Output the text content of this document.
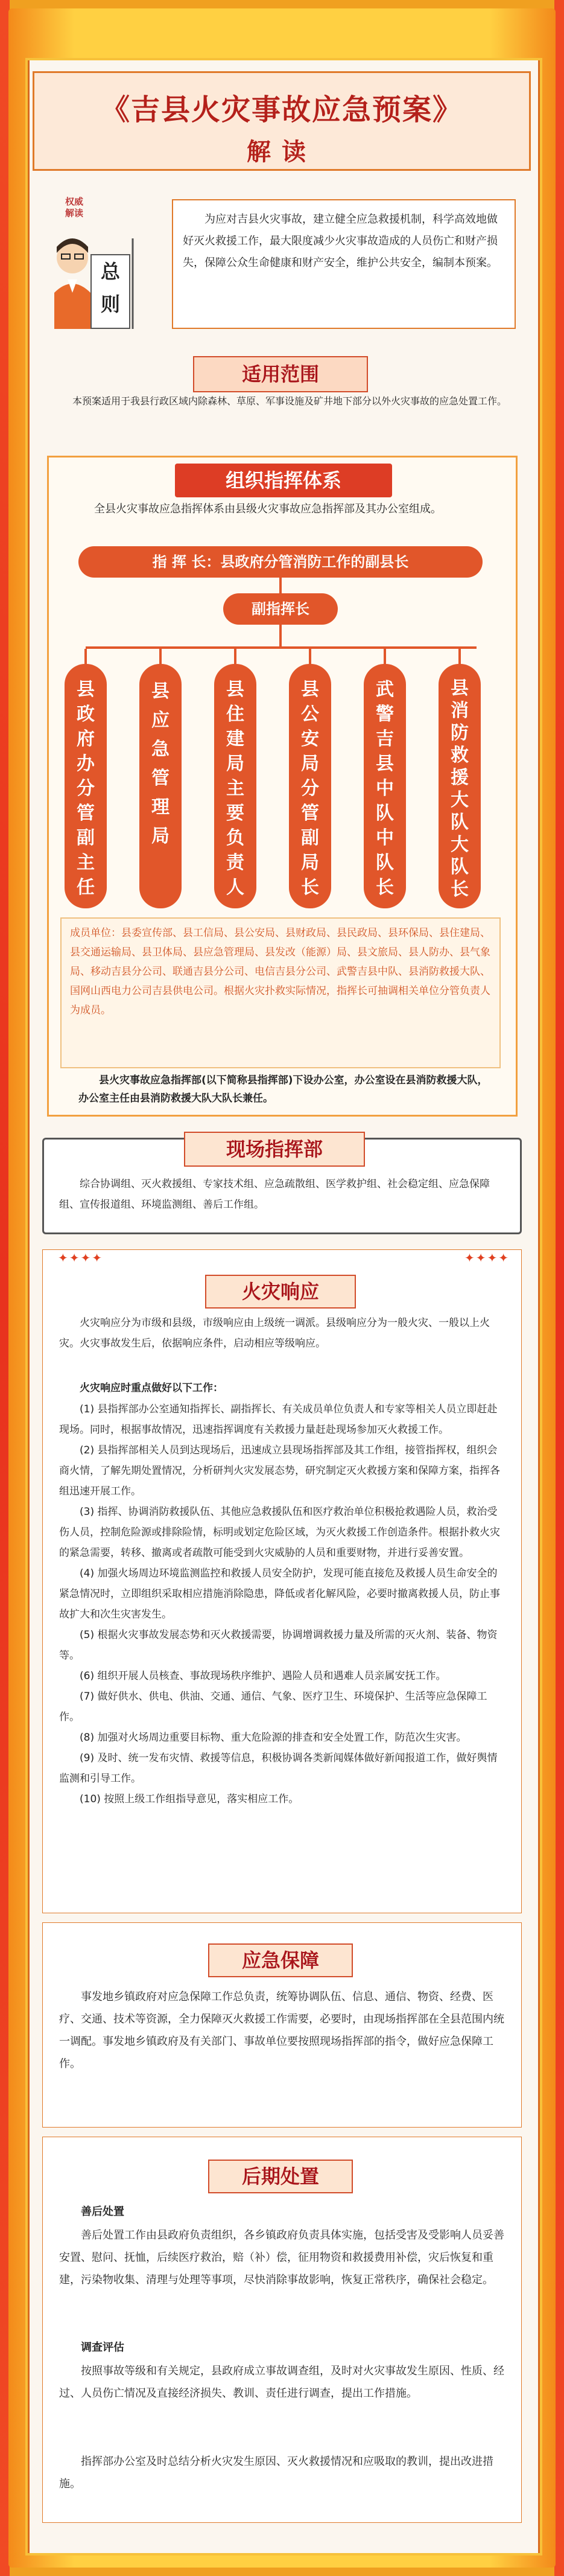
《吉县火灾事故应急预案》
解读
权威
解读
总
则
为应对吉县火灾事故，建立健全应急救援机制，科学高效地做好灭火救援工作，最大限度减少火灾事故造成的人员伤亡和财产损失，保障公众生命健康和财产安全，维护公共安全，编制本预案。
适用范围
本预案适用于我县行政区域内除森林、草原、军事设施及矿井地下部分以外火灾事故的应急处置工作。
组织指挥体系
全县火灾事故应急指挥体系由县级火灾事故应急指挥部及其办公室组成。
指 挥 长：县政府分管消防工作的副县长
副指挥长
县
政
府
办
分
管
副
主
任
县
应
急
管
理
局
县
住
建
局
主
要
负
责
人
县
公
安
局
分
管
副
局
长
武
警
吉
县
中
队
中
队
长
县
消
防
救
援
大
队
大
队
长
成员单位：县委宣传部、县工信局、县公安局、县财政局、县民政局、县环保局、县住建局、县交通运输局、县卫体局、县应急管理局、县发改（能源）局、县文旅局、县人防办、县气象局、移动吉县分公司、联通吉县分公司、电信吉县分公司、武警吉县中队、县消防救援大队、国网山西电力公司吉县供电公司。根据火灾扑救实际情况，指挥长可抽调相关单位分管负责人为成员。
县火灾事故应急指挥部(以下简称县指挥部)下设办公室，办公室设在县消防救援大队，办公室主任由县消防救援大队大队长兼任。
现场指挥部
综合协调组、灭火救援组、专家技术组、应急疏散组、医学救护组、社会稳定组、应急保障组、宣传报道组、环境监测组、善后工作组。
✦✦✦✦	✦✦✦✦
火灾响应
火灾响应分为市级和县级，市级响应由上级统一调派。县级响应分为一般火灾、一般以上火灾。火灾事故发生后，依据响应条件，启动相应等级响应。
火灾响应时重点做好以下工作：
(1) 县指挥部办公室通知指挥长、副指挥长、有关成员单位负责人和专家等相关人员立即赶赴现场。同时，根据事故情况，迅速指挥调度有关救援力量赶赴现场参加灭火救援工作。
(2) 县指挥部相关人员到达现场后，迅速成立县现场指挥部及其工作组，接管指挥权，组织会商火情，了解先期处置情况，分析研判火灾发展态势，研究制定灭火救援方案和保障方案，指挥各组迅速开展工作。
(3) 指挥、协调消防救援队伍、其他应急救援队伍和医疗救治单位积极抢救遇险人员，救治受伤人员，控制危险源或排除险情，标明或划定危险区域，为灭火救援工作创造条件。根据扑救火灾的紧急需要，转移、撤离或者疏散可能受到火灾威胁的人员和重要财物，并进行妥善安置。
(4) 加强火场周边环境监测监控和救援人员安全防护，发现可能直接危及救援人员生命安全的紧急情况时，立即组织采取相应措施消除隐患，降低或者化解风险，必要时撤离救援人员，防止事故扩大和次生灾害发生。
(5) 根据火灾事故发展态势和灭火救援需要，协调增调救援力量及所需的灭火剂、装备、物资等。
(6) 组织开展人员核查、事故现场秩序维护、遇险人员和遇难人员亲属安抚工作。
(7) 做好供水、供电、供油、交通、通信、气象、医疗卫生、环境保护、生活等应急保障工作。
(8) 加强对火场周边重要目标物、重大危险源的排查和安全处置工作，防范次生灾害。
(9) 及时、统一发布灾情、救援等信息，积极协调各类新闻媒体做好新闻报道工作，做好舆情监测和引导工作。
(10) 按照上级工作组指导意见，落实相应工作。
应急保障
事发地乡镇政府对应急保障工作总负责，统筹协调队伍、信息、通信、物资、经费、医疗、交通、技术等资源，全力保障灭火救援工作需要，必要时，由现场指挥部在全县范围内统一调配。事发地乡镇政府及有关部门、事故单位要按照现场指挥部的指令，做好应急保障工作。
后期处置
善后处置
善后处置工作由县政府负责组织，各乡镇政府负责具体实施，包括受害及受影响人员妥善安置、慰问、抚恤，后续医疗救治，赔（补）偿，征用物资和救援费用补偿，灾后恢复和重建，污染物收集、清理与处理等事项，尽快消除事故影响，恢复正常秩序，确保社会稳定。
调查评估
按照事故等级和有关规定，县政府成立事故调查组，及时对火灾事故发生原因、性质、经过、人员伤亡情况及直接经济损失、教训、责任进行调查，提出工作措施。
指挥部办公室及时总结分析火灾发生原因、灭火救援情况和应吸取的教训，提出改进措施。
